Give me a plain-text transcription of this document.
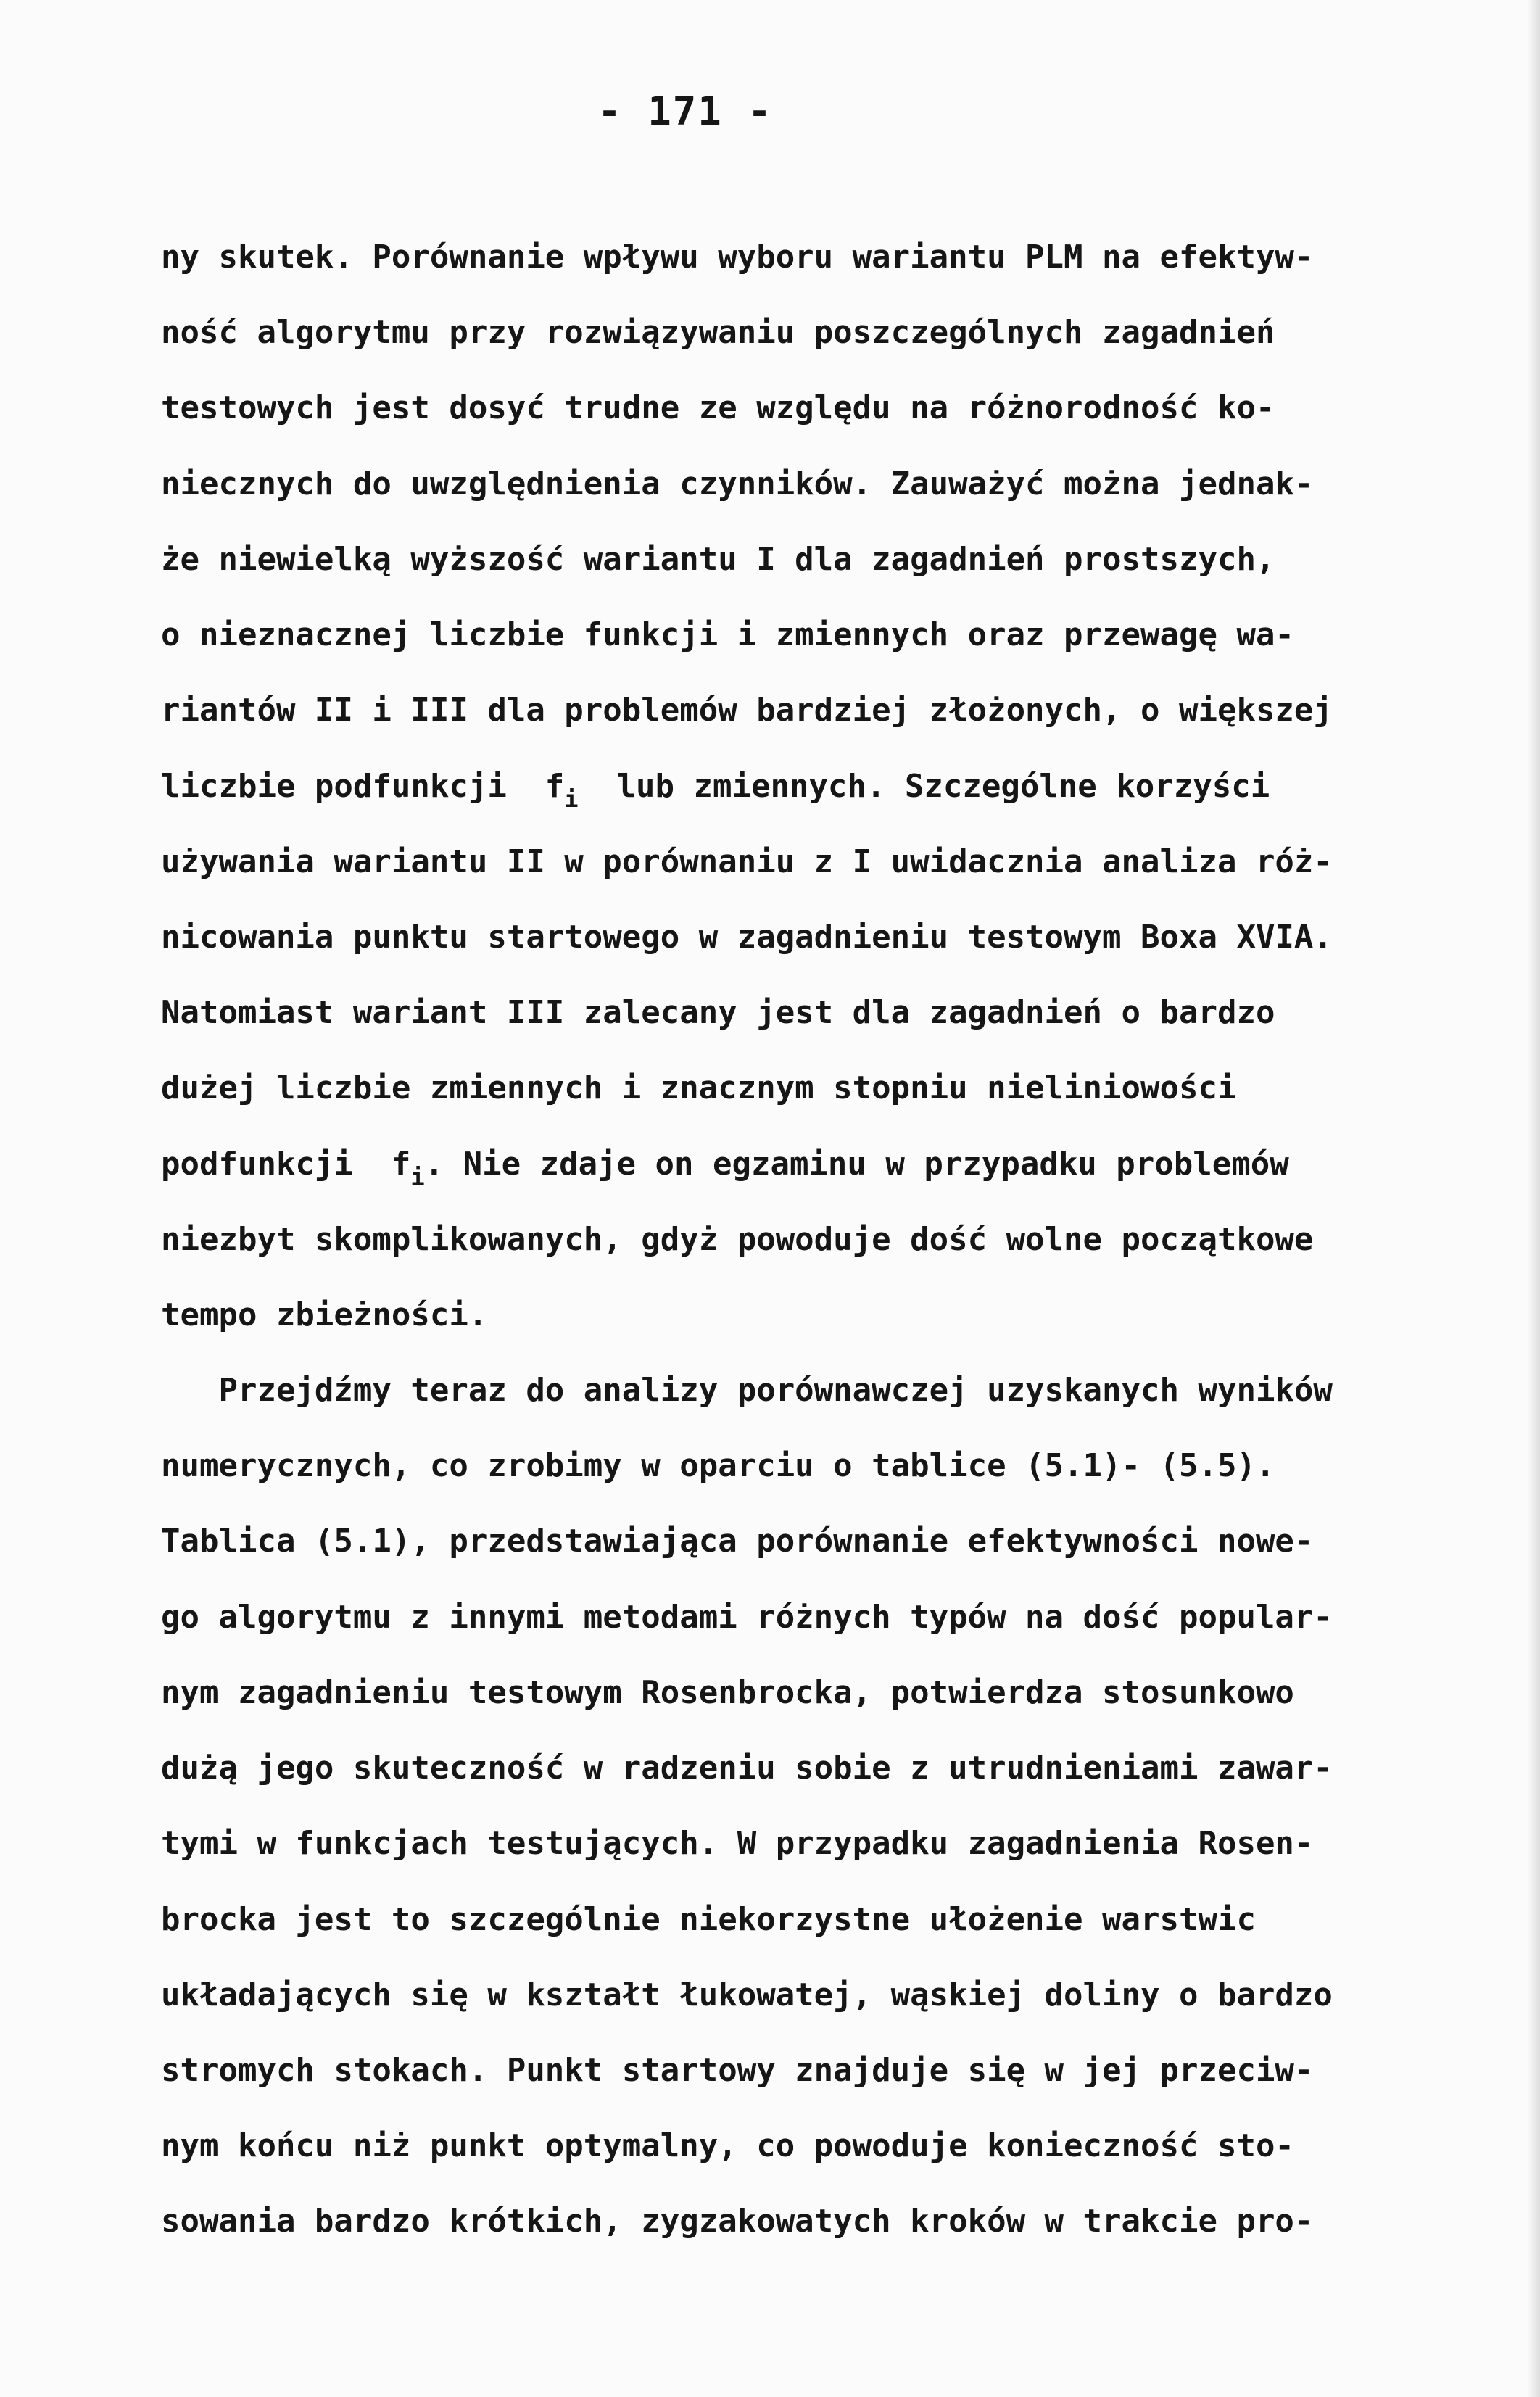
- 171 -
ny skutek. Porównanie wpływu wyboru wariantu PLM na efektyw-
ność algorytmu przy rozwiązywaniu poszczególnych zagadnień
testowych jest dosyć trudne ze względu na różnorodność ko-
niecznych do uwzględnienia czynników. Zauważyć można jednak-
że niewielką wyższość wariantu I dla zagadnień prostszych,
o nieznacznej liczbie funkcji i zmiennych oraz przewagę wa-
riantów II i III dla problemów bardziej złożonych, o większej
liczbie podfunkcji  $f_i$  lub zmiennych. Szczególne korzyści
używania wariantu II w porównaniu z I uwidacznia analiza róż-
nicowania punktu startowego w zagadnieniu testowym Boxa XVIA.
Natomiast wariant III zalecany jest dla zagadnień o bardzo
dużej liczbie zmiennych i znacznym stopniu nieliniowości
podfunkcji  $f_i$. Nie zdaje on egzaminu w przypadku problemów
niezbyt skomplikowanych, gdyż powoduje dość wolne początkowe
tempo zbieżności.
Przejdźmy teraz do analizy porównawczej uzyskanych wyników
numerycznych, co zrobimy w oparciu o tablice (5.1)- (5.5).
Tablica (5.1), przedstawiająca porównanie efektywności nowe-
go algorytmu z innymi metodami różnych typów na dość popular-
nym zagadnieniu testowym Rosenbrocka, potwierdza stosunkowo
dużą jego skuteczność w radzeniu sobie z utrudnieniami zawar-
tymi w funkcjach testujących. W przypadku zagadnienia Rosen-
brocka jest to szczególnie niekorzystne ułożenie warstwic
układających się w kształt łukowatej, wąskiej doliny o bardzo
stromych stokach. Punkt startowy znajduje się w jej przeciw-
nym końcu niż punkt optymalny, co powoduje konieczność sto-
sowania bardzo krótkich, zygzakowatych kroków w trakcie pro-
